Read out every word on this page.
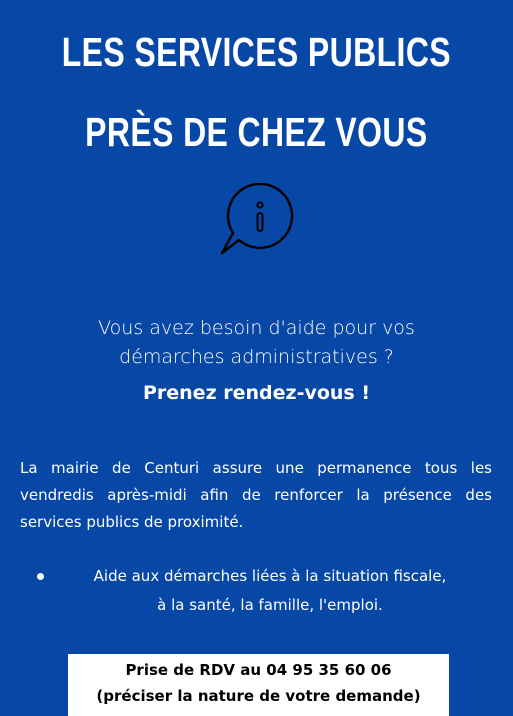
LES SERVICES PUBLICS
PRÈS DE CHEZ VOUS
Vous avez besoin d'aide pour vos
démarches administratives ?
Prenez rendez-vous !
La mairie de Centuri assure une permanence tous les vendredis après-midi afin de renforcer la présence des services publics de proximité.
Aide aux démarches liées à la situation fiscale,
à la santé, la famille, l'emploi.
Prise de RDV au 04 95 35 60 06
(préciser la nature de votre demande)
